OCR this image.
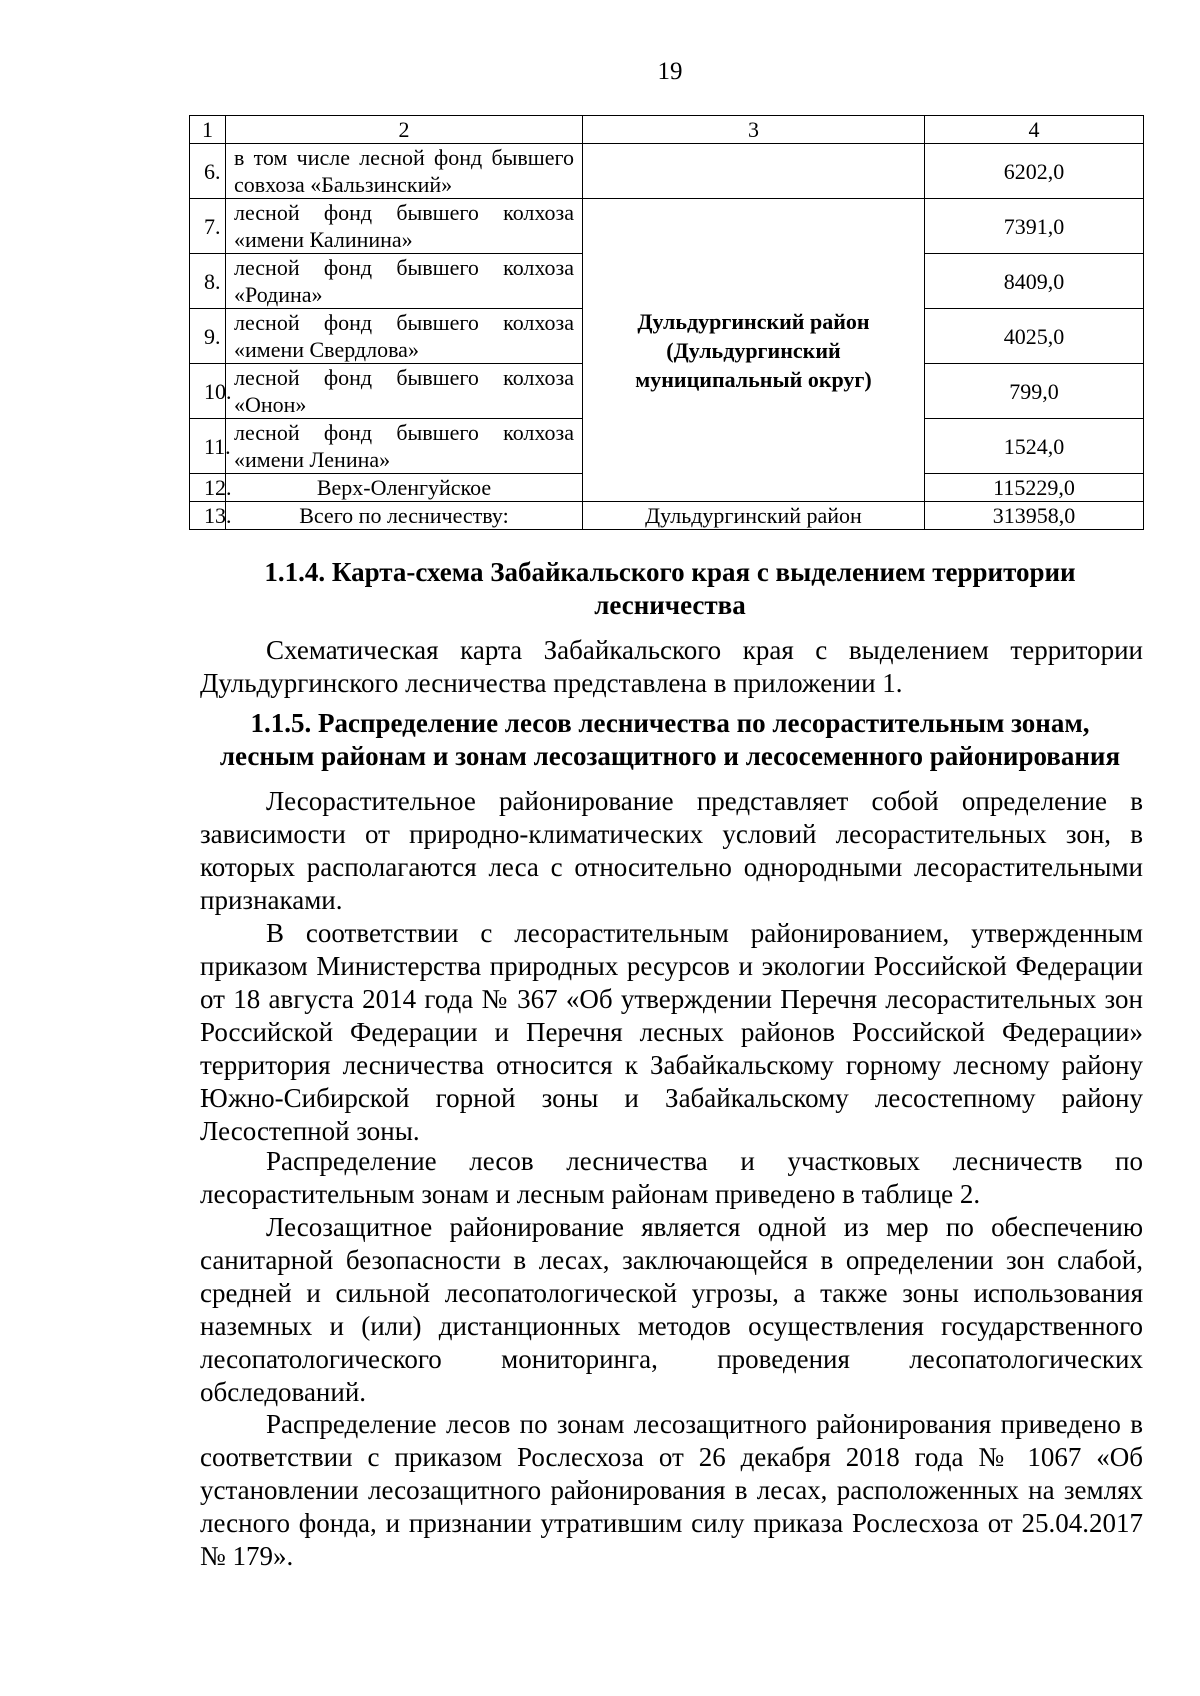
19
1	2	3	4
6.	в том числе лесной фонд бывшего совхоза «Бальзинский»		6202,0
7.	лесной фонд бывшего колхоза «имени Калинина»	Дульдургинский район (Дульдургинский муниципальный округ)	7391,0
8.	лесной фонд бывшего колхоза «Родина»		8409,0
9.	лесной фонд бывшего колхоза «имени Свердлова»		4025,0
10.	лесной фонд бывшего колхоза «Онон»		799,0
11.	лесной фонд бывшего колхоза «имени Ленина»		1524,0
12.	Верх-Оленгуйское		115229,0
13.	Всего по лесничеству:	Дульдургинский район	313958,0
1.1.4. Карта-схема Забайкальского края с выделением территории лесничества

Схематическая карта Забайкальского края с выделением территории Дульдургинского лесничества представлена в приложении 1.

1.1.5. Распределение лесов лесничества по лесорастительным зонам, лесным районам и зонам лесозащитного и лесосеменного районирования

Лесорастительное районирование представляет собой определение в зависимости от природно-климатических условий лесорастительных зон, в которых располагаются леса с относительно однородными лесорастительными признаками.

В соответствии с лесорастительным районированием, утвержденным приказом Министерства природных ресурсов и экологии Российской Федерации от 18 августа 2014 года № 367 «Об утверждении Перечня лесорастительных зон Российской Федерации и Перечня лесных районов Российской Федерации» территория лесничества относится к Забайкальскому горному лесному району Южно-Сибирской горной зоны и Забайкальскому лесостепному району Лесостепной зоны.

Распределение лесов лесничества и участковых лесничеств по лесорастительным зонам и лесным районам приведено в таблице 2.

Лесозащитное районирование является одной из мер по обеспечению санитарной безопасности в лесах, заключающейся в определении зон слабой, средней и сильной лесопатологической угрозы, а также зоны использования наземных и (или) дистанционных методов осуществления государственного лесопатологического мониторинга, проведения лесопатологических обследований.

Распределение лесов по зонам лесозащитного районирования приведено в соответствии с приказом Рослесхоза от 26 декабря 2018 года № 1067 «Об установлении лесозащитного районирования в лесах, расположенных на землях лесного фонда, и признании утратившим силу приказа Рослесхоза от 25.04.2017 № 179».
